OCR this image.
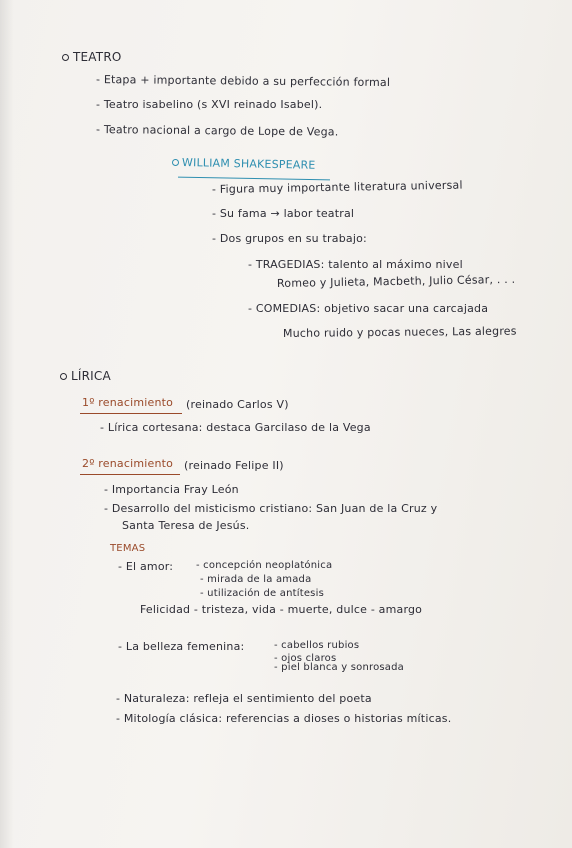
TEATRO
- Etapa + importante debido a su perfección formal
- Teatro isabelino (s XVI reinado Isabel).
- Teatro nacional a cargo de Lope de Vega.
WILLIAM SHAKESPEARE
- Figura muy importante literatura universal
- Su fama → labor teatral
- Dos grupos en su trabajo:
- TRAGEDIAS: talento al máximo nivel
Romeo y Julieta, Macbeth, Julio César, . . .
- COMEDIAS: objetivo sacar una carcajada
Mucho ruido y pocas nueces, Las alegres
LÍRICA
1º renacimiento (reinado Carlos V)
- Lírica cortesana: destaca Garcilaso de la Vega
2º renacimiento (reinado Felipe II)
- Importancia Fray León
- Desarrollo del misticismo cristiano: San Juan de la Cruz y
Santa Teresa de Jesús.
TEMAS
- El amor: - concepción neoplatónica
- mirada de la amada
- utilización de antítesis
Felicidad - tristeza, vida - muerte, dulce - amargo
- La belleza femenina:	- cabellos rubios
- ojos claros
- piel blanca y sonrosada
- Naturaleza: refleja el sentimiento del poeta
- Mitología clásica: referencias a dioses o historias míticas.
